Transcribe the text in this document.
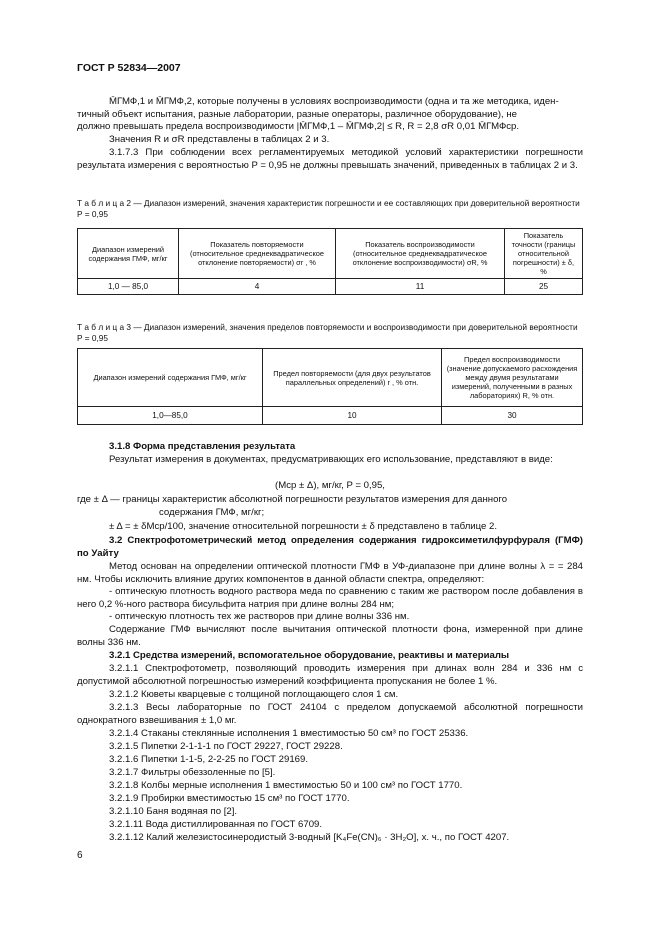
ГОСТ Р 52834—2007
M̄ГМФ,1 и M̄ГМФ,2, которые получены в условиях воспроизводимости (одна и та же методика, иден-
тичный объект испытания, разные лаборатории, разные операторы, различное оборудование), не
должно превышать предела воспроизводимости |M̄ГМФ,1 – M̄ГМФ,2| ≤ R, R = 2,8 σR 0,01 M̄ГМФср.
Значения R и σR представлены в таблицах 2 и 3.
3.1.7.3 При соблюдении всех регламентируемых методикой условий характеристики погрешности результата измерения с вероятностью P = 0,95 не должны превышать значений, приведенных в таблицах 2 и 3.
Т а б л и ц а 2 — Диапазон измерений, значения характеристик погрешности и ее составляющих при доверительной вероятности P = 0,95
Диапазон измерений содержания ГМФ, мг/кг	Показатель повторяемости (относительное среднеквадратическое отклонение повторяемости) σr , %	Показатель воспроизводимости (относительное среднеквадратическое отклонение воспроизводимости) σR, %	Показатель точности (границы относительной погрешности) ± δ, %
1,0 — 85,0	4	11	25
Т а б л и ц а 3 — Диапазон измерений, значения пределов повторяемости и воспроизводимости при доверительной вероятности P = 0,95
Диапазон измерений содержания ГМФ, мг/кг	Предел повторяемости (для двух результатов параллельных определений) r , % отн.	Предел воспроизводимости (значение допускаемого расхождения между двумя результатами измерений, полученными в разных лабораториях) R, % отн.
1,0—85,0	10	30
3.1.8 Форма представления результата
Результат измерения в документах, предусматривающих его использование, представляют в виде:
(Mср ± Δ), мг/кг, P = 0,95,
где ± Δ — границы характеристик абсолютной погрешности результатов измерения для данного
содержания ГМФ, мг/кг;
± Δ = ± δMср/100, значение относительной погрешности ± δ представлено в таблице 2.
3.2 Спектрофотометрический метод определения содержания гидроксиметилфурфураля (ГМФ) по Уайту
Метод основан на определении оптической плотности ГМФ в УФ-диапазоне при длине волны λ = = 284 нм. Чтобы исключить влияние других компонентов в данной области спектра, определяют:
- оптическую плотность водного раствора меда по сравнению с таким же раствором после добавления в него 0,2 %-ного раствора бисульфита натрия при длине волны 284 нм;
- оптическую плотность тех же растворов при длине волны 336 нм.
Содержание ГМФ вычисляют после вычитания оптической плотности фона, измеренной при длине волны 336 нм.
3.2.1 Средства измерений, вспомогательное оборудование, реактивы и материалы
3.2.1.1 Спектрофотометр, позволяющий проводить измерения при длинах волн 284 и 336 нм с допустимой абсолютной погрешностью измерений коэффициента пропускания не более 1 %.
3.2.1.2 Кюветы кварцевые с толщиной поглощающего слоя 1 см.
3.2.1.3 Весы лабораторные по ГОСТ 24104 с пределом допускаемой абсолютной погрешности однократного взвешивания ± 1,0 мг.
3.2.1.4 Стаканы стеклянные исполнения 1 вместимостью 50 см³ по ГОСТ 25336.
3.2.1.5 Пипетки 2-1-1-1 по ГОСТ 29227, ГОСТ 29228.
3.2.1.6 Пипетки 1-1-5, 2-2-25 по ГОСТ 29169.
3.2.1.7 Фильтры обеззоленные по [5].
3.2.1.8 Колбы мерные исполнения 1 вместимостью 50 и 100 см³ по ГОСТ 1770.
3.2.1.9 Пробирки вместимостью 15 см³ по ГОСТ 1770.
3.2.1.10 Баня водяная по [2].
3.2.1.11 Вода дистиллированная по ГОСТ 6709.
3.2.1.12 Калий железистосинеродистый 3-водный [K₄Fe(CN)₆ · 3H₂O], х. ч., по ГОСТ 4207.
6
